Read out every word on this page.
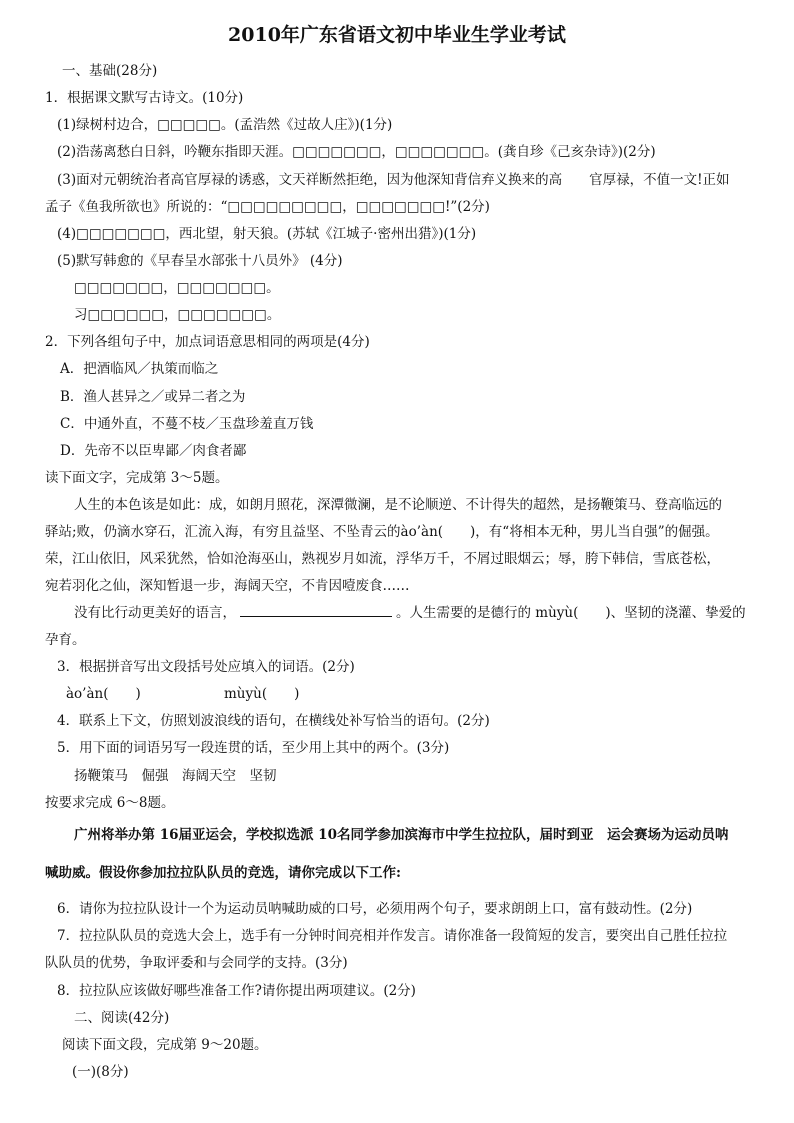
2010年广东省语文初中毕业生学业考试
一、基础(28分)
1．根据课文默写古诗文。(10分)
(1)绿树村边合，□□□□□。(孟浩然《过故人庄》)(1分)
(2)浩荡离愁白日斜，吟鞭东指即天涯。□□□□□□□，□□□□□□□。(龚自珍《己亥杂诗》)(2分)
(3)面对元朝统治者高官厚禄的诱惑，文天祥断然拒绝，因为他深知背信弃义换来的高　　官厚禄，不值一文!正如
孟子《鱼我所欲也》所说的：“□□□□□□□□□，□□□□□□□!”(2分)
(4)□□□□□□□，西北望，射天狼。(苏轼《江城子·密州出猎》)(1分)
(5)默写韩愈的《早春呈水部张十八员外》 (4分)
□□□□□□□，□□□□□□□。
习□□□□□□，□□□□□□□。
2．下列各组句子中，加点词语意思相同的两项是(4分)
A．把酒临风／执策而临之
B．渔人甚异之／或异二者之为
C．中通外直，不蔓不枝／玉盘珍羞直万钱
D．先帝不以臣卑鄙／肉食者鄙
读下面文字，完成第 3～5题。
人生的本色该是如此：成，如朗月照花，深潭微澜，是不论顺逆、不计得失的超然，是扬鞭策马、登高临远的
驿站;败，仍滴水穿石，汇流入海，有穷且益坚、不坠青云的ào’àn(　　)，有“将相本无种，男儿当自强”的倔强。
荣，江山依旧，风采犹然，恰如沧海巫山，熟视岁月如流，浮华万千，不屑过眼烟云；辱，胯下韩信，雪底苍松，
宛若羽化之仙，深知暂退一步，海阔天空，不肯因噎废食……
没有比行动更美好的语言，	。人生需要的是德行的 mùyù(　　)、坚韧的浇灌、挚爱的
孕育。
3．根据拼音写出文段括号处应填入的词语。(2分)
ào’àn(　　)	mùyù(　　)
4．联系上下文，仿照划波浪线的语句，在横线处补写恰当的语句。(2分)
5．用下面的词语另写一段连贯的话，至少用上其中的两个。(3分)
扬鞭策马　倔强　海阔天空　坚韧
按要求完成 6～8题。
广州将举办第 16届亚运会，学校拟选派 10名同学参加滨海市中学生拉拉队，届时到亚　运会赛场为运动员呐
喊助威。假设你参加拉拉队队员的竞选，请你完成以下工作:
6．请你为拉拉队设计一个为运动员呐喊助威的口号，必须用两个句子，要求朗朗上口，富有鼓动性。(2分)
7．拉拉队队员的竞选大会上，选手有一分钟时间亮相并作发言。请你准备一段简短的发言，要突出自己胜任拉拉
队队员的优势，争取评委和与会同学的支持。(3分)
8．拉拉队应该做好哪些准备工作?请你提出两项建议。(2分)
二、阅读(42分)
阅读下面文段，完成第 9～20题。
(一)(8分)
